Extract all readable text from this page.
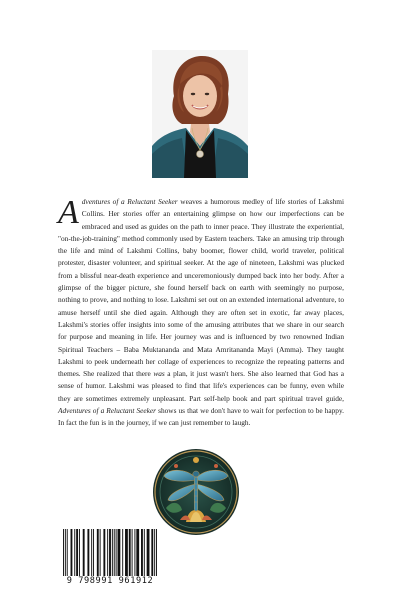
Adventures of a Reluctant Seeker weaves a humorous medley of life stories of Lakshmi Collins. Her stories offer an entertaining glimpse on how our imperfections can be embraced and used as guides on the path to inner peace. They illustrate the experiential, "on-the-job-training" method commonly used by Eastern teachers. Take an amusing trip through the life and mind of Lakshmi Collins, baby boomer, flower child, world traveler, political protester, disaster volunteer, and spiritual seeker. At the age of nineteen, Lakshmi was plucked from a blissful near-death experience and unceremoniously dumped back into her body. After a glimpse of the bigger picture, she found herself back on earth with seemingly no purpose, nothing to prove, and nothing to lose. Lakshmi set out on an extended international adventure, to amuse herself until she died again. Although they are often set in exotic, far away places, Lakshmi's stories offer insights into some of the amusing attributes that we share in our search for purpose and meaning in life. Her journey was and is influenced by two renowned Indian Spiritual Teachers – Baba Muktananda and Mata Amritananda Mayi (Amma). They taught Lakshmi to peek underneath her collage of experiences to recognize the repeating patterns and themes. She realized that there was a plan, it just wasn't hers. She also learned that God has a sense of humor. Lakshmi was pleased to find that life's experiences can be funny, even while they are sometimes extremely unpleasant. Part self-help book and part spiritual travel guide, Adventures of a Reluctant Seeker shows us that we don't have to wait for perfection to be happy. In fact the fun is in the journey, if we can just remember to laugh.
9 798991 961912
